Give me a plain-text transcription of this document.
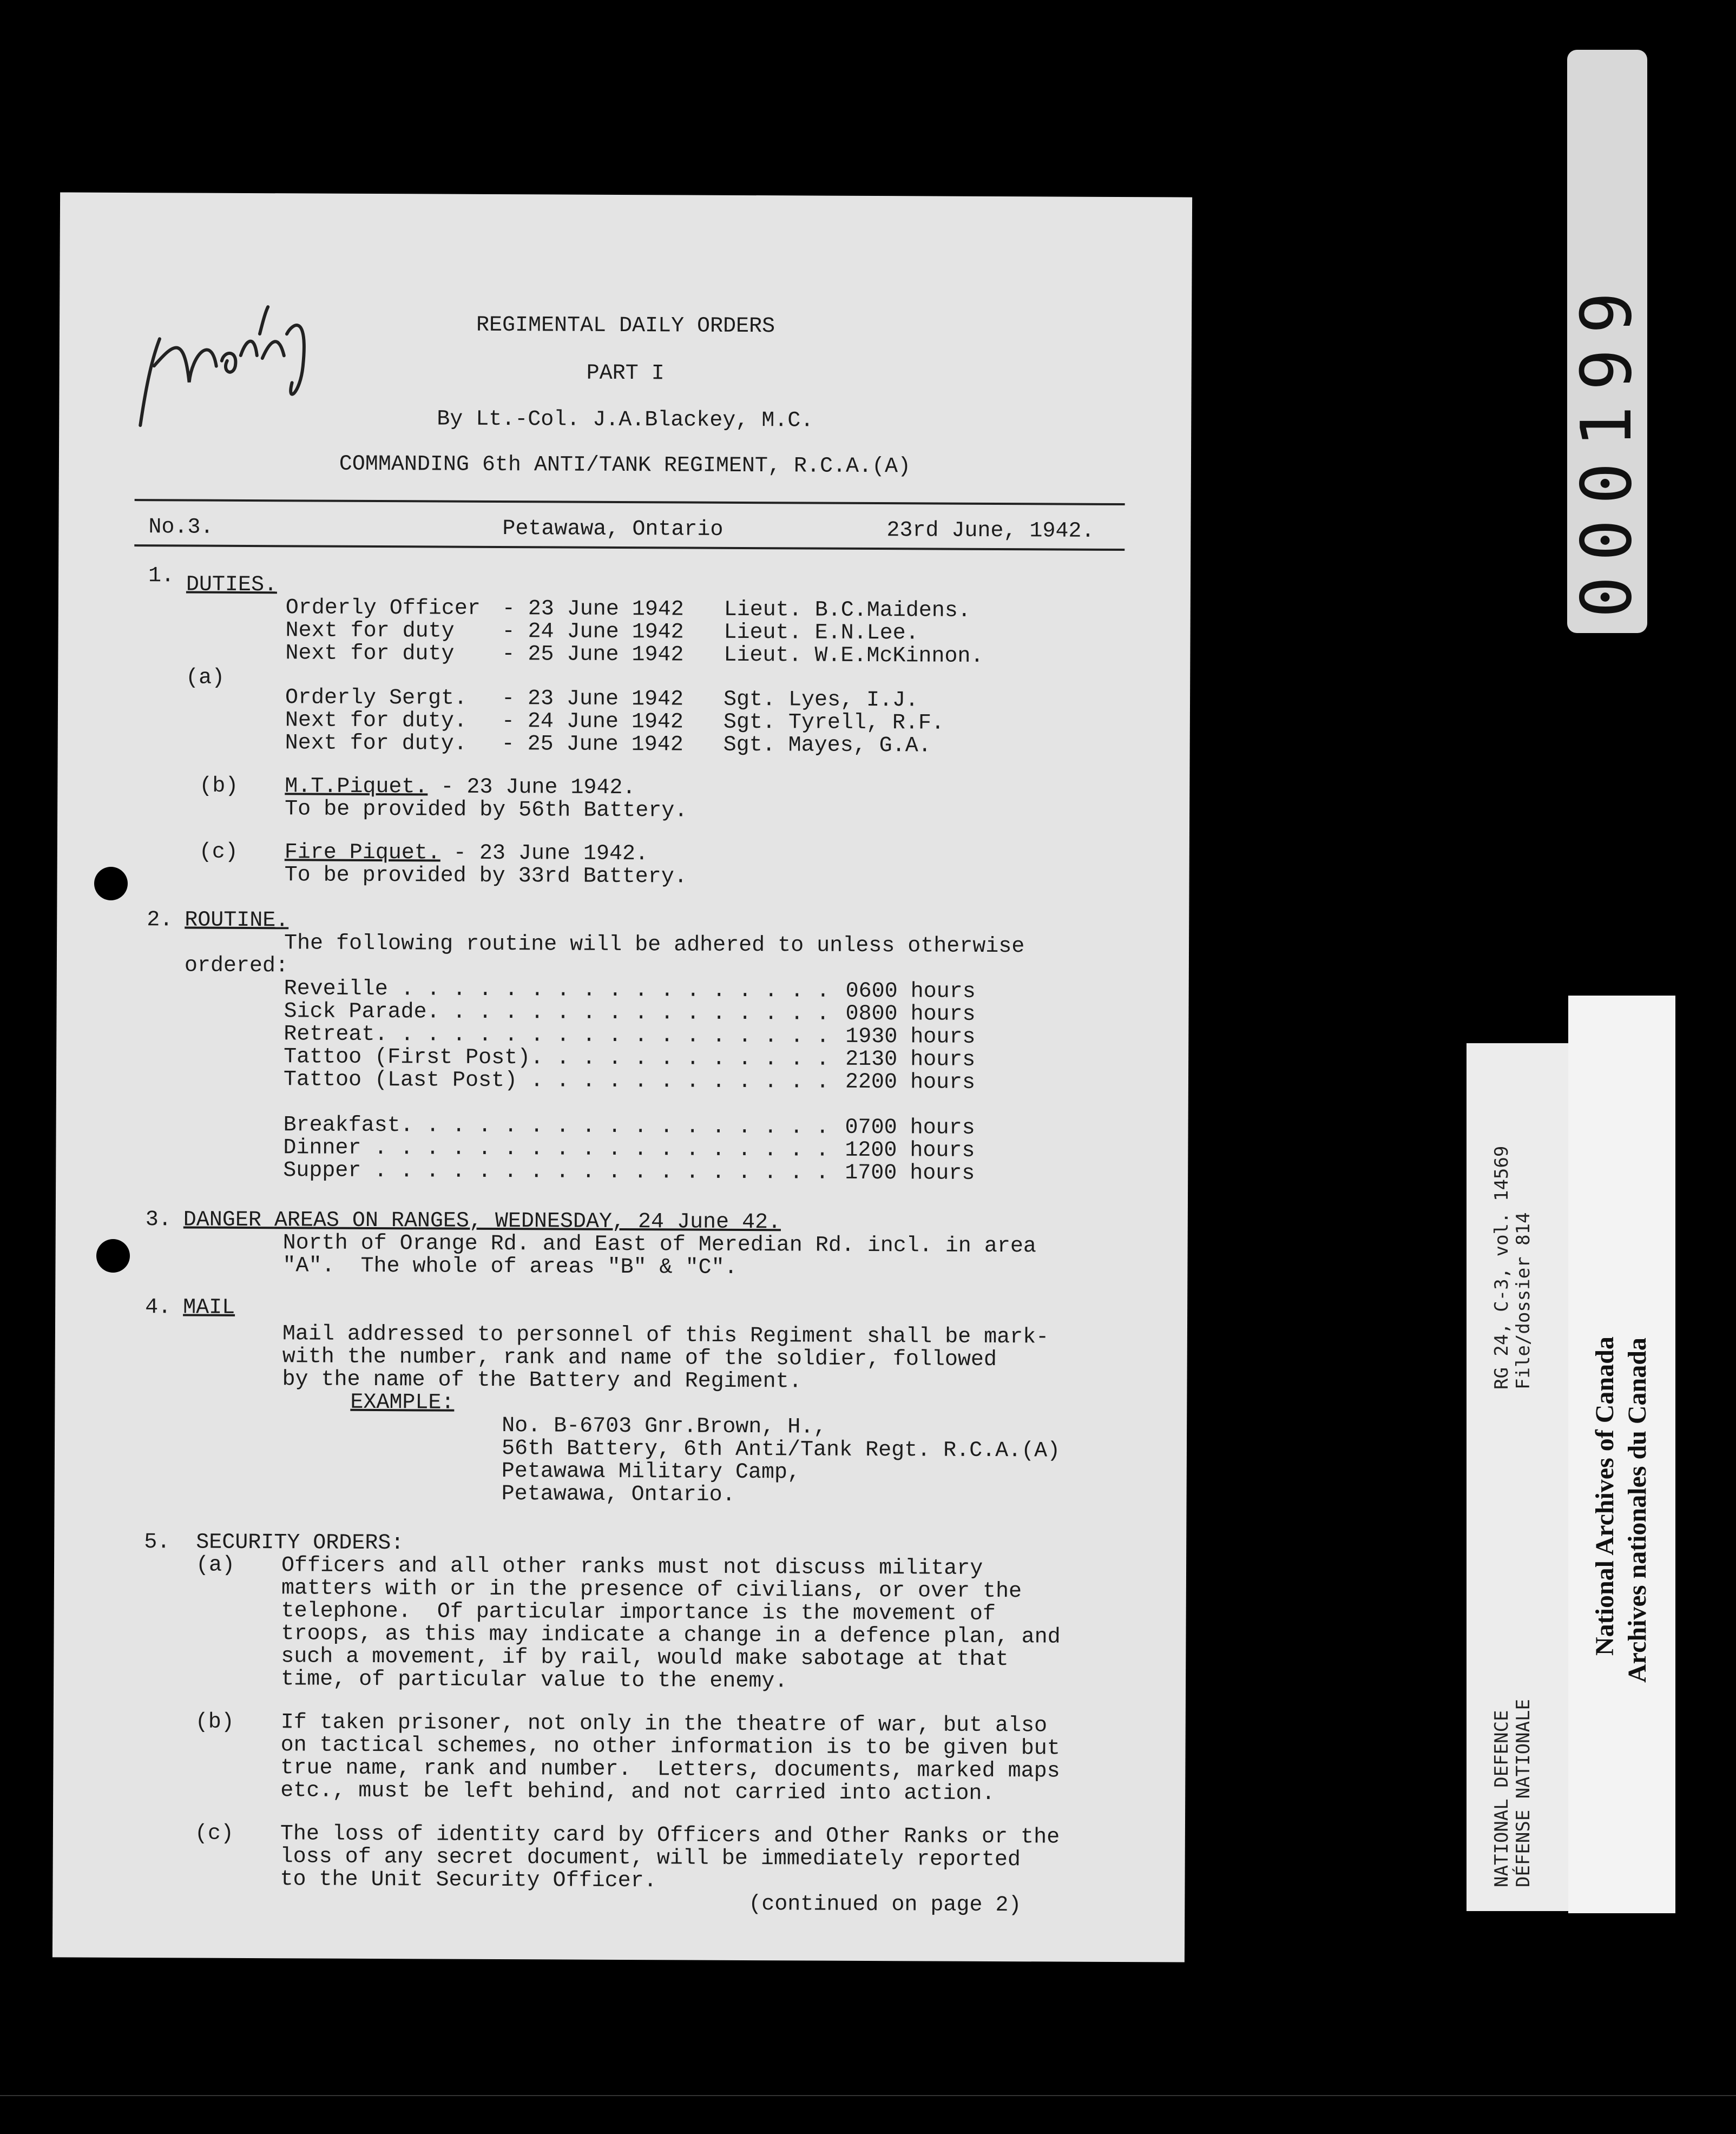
REGIMENTAL DAILY ORDERS

PART I

By Lt.-Col. J.A.Blackey, M.C.

COMMANDING 6th ANTI/TANK REGIMENT, R.C.A.(A)

No.3.	Petawawa, Ontario	23rd June, 1942.

1. DUTIES.

Orderly Officer

- 23 June 1942

Lieut. B.C.Maidens.

Next for duty

- 24 June 1942

Lieut. E.N.Lee.

Next for duty

- 25 June 1942

Lieut. W.E.McKinnon.

(a)

Orderly Sergt.

- 23 June 1942

Sgt. Lyes, I.J.

Next for duty.

- 24 June 1942

Sgt. Tyrell, R.F.

Next for duty.

- 25 June 1942

Sgt. Mayes, G.A.

(b) M.T.Piquet. - 23 June 1942.

To be provided by 56th Battery.

(c) Fire Piquet. - 23 June 1942.

To be provided by 33rd Battery.

2. ROUTINE.

The following routine will be adhered to unless otherwise

ordered:

Reveille . . . . . . . . . . . . . . . . .

0600 hours

Sick Parade. . . . . . . . . . . . . . . .

0800 hours

Retreat. . . . . . . . . . . . . . . . . .

1930 hours

Tattoo (First Post). . . . . . . . . . . .

2130 hours

Tattoo (Last Post) . . . . . . . . . . . .

2200 hours

Breakfast. . . . . . . . . . . . . . . . .

0700 hours

Dinner . . . . . . . . . . . . . . . . . .

1200 hours

Supper . . . . . . . . . . . . . . . . . .

1700 hours

3. DANGER AREAS ON RANGES, WEDNESDAY, 24 June 42.

North of Orange Rd. and East of Meredian Rd. incl. in area

"A".  The whole of areas "B" & "C".

4. MAIL

Mail addressed to personnel of this Regiment shall be mark-

with the number, rank and name of the soldier, followed

by the name of the Battery and Regiment.

EXAMPLE:

No. B-6703 Gnr.Brown, H.,

56th Battery, 6th Anti/Tank Regt. R.C.A.(A)

Petawawa Military Camp,

Petawawa, Ontario.

5. SECURITY ORDERS:

(a)

Officers and all other ranks must not discuss military

matters with or in the presence of civilians, or over the

telephone.  Of particular importance is the movement of

troops, as this may indicate a change in a defence plan, and

such a movement, if by rail, would make sabotage at that

time, of particular value to the enemy.

(b)

If taken prisoner, not only in the theatre of war, but also

on tactical schemes, no other information is to be given but

true name, rank and number.  Letters, documents, marked maps

etc., must be left behind, and not carried into action.

(c)

The loss of identity card by Officers and Other Ranks or the

loss of any secret document, will be immediately reported

to the Unit Security Officer.

(continued on page 2)

000199
NATIONAL DEFENCE DÉFENSE NATIONALE
RG 24, C-3, vol. 14569 File/dossier 814
National Archives of Canada Archives nationales du Canada
